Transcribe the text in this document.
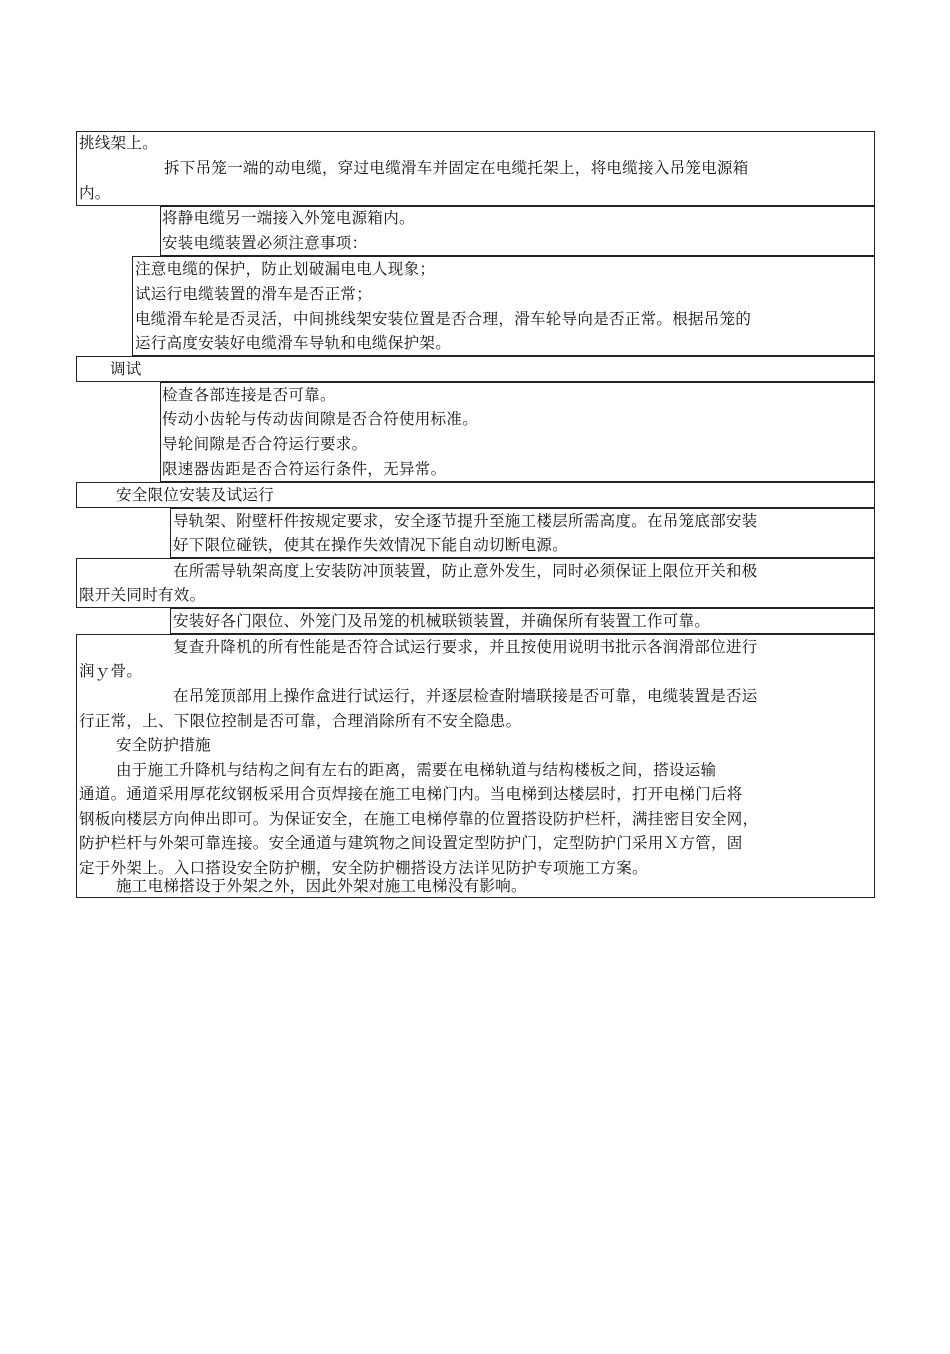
挑线架上。
拆下吊笼一端的动电缆，穿过电缆滑车并固定在电缆托架上，将电缆接入吊笼电源箱
内。
将静电缆另一端接入外笼电源箱内。
安装电缆装置必须注意事项：
注意电缆的保护，防止划破漏电电人现象；
试运行电缆装置的滑车是否正常；
电缆滑车轮是否灵活，中间挑线架安装位置是否合理，滑车轮导向是否正常。根据吊笼的
运行高度安装好电缆滑车导轨和电缆保护架。
调试
检查各部连接是否可靠。
传动小齿轮与传动齿间隙是否合符使用标准。
导轮间隙是否合符运行要求。
限速器齿距是否合符运行条件，无异常。
安全限位安装及试运行
导轨架、附壁杆件按规定要求，安全逐节提升至施工楼层所需高度。在吊笼底部安装
好下限位碰铁，使其在操作失效情况下能自动切断电源。
在所需导轨架高度上安装防冲顶装置，防止意外发生，同时必须保证上限位开关和极
限开关同时有效。
安装好各门限位、外笼门及吊笼的机械联锁装置，并确保所有装置工作可靠。
复查升降机的所有性能是否符合试运行要求，并且按使用说明书批示各润滑部位进行
润ｙ骨。
在吊笼顶部用上操作盒进行试运行，并逐层检查附墙联接是否可靠，电缆装置是否运
行正常，上、下限位控制是否可靠，合理消除所有不安全隐患。
安全防护措施
由于施工升降机与结构之间有左右的距离，需要在电梯轨道与结构楼板之间，搭设运输
通道。通道采用厚花纹钢板采用合页焊接在施工电梯门内。当电梯到达楼层时，打开电梯门后将
钢板向楼层方向伸出即可。为保证安全，在施工电梯停靠的位置搭设防护栏杆，满挂密目安全网，
防护栏杆与外架可靠连接。安全通道与建筑物之间设置定型防护门，定型防护门采用Ｘ方管，固
定于外架上。入口搭设安全防护棚，安全防护棚搭设方法详见防护专项施工方案。
施工电梯搭设于外架之外，因此外架对施工电梯没有影响。
